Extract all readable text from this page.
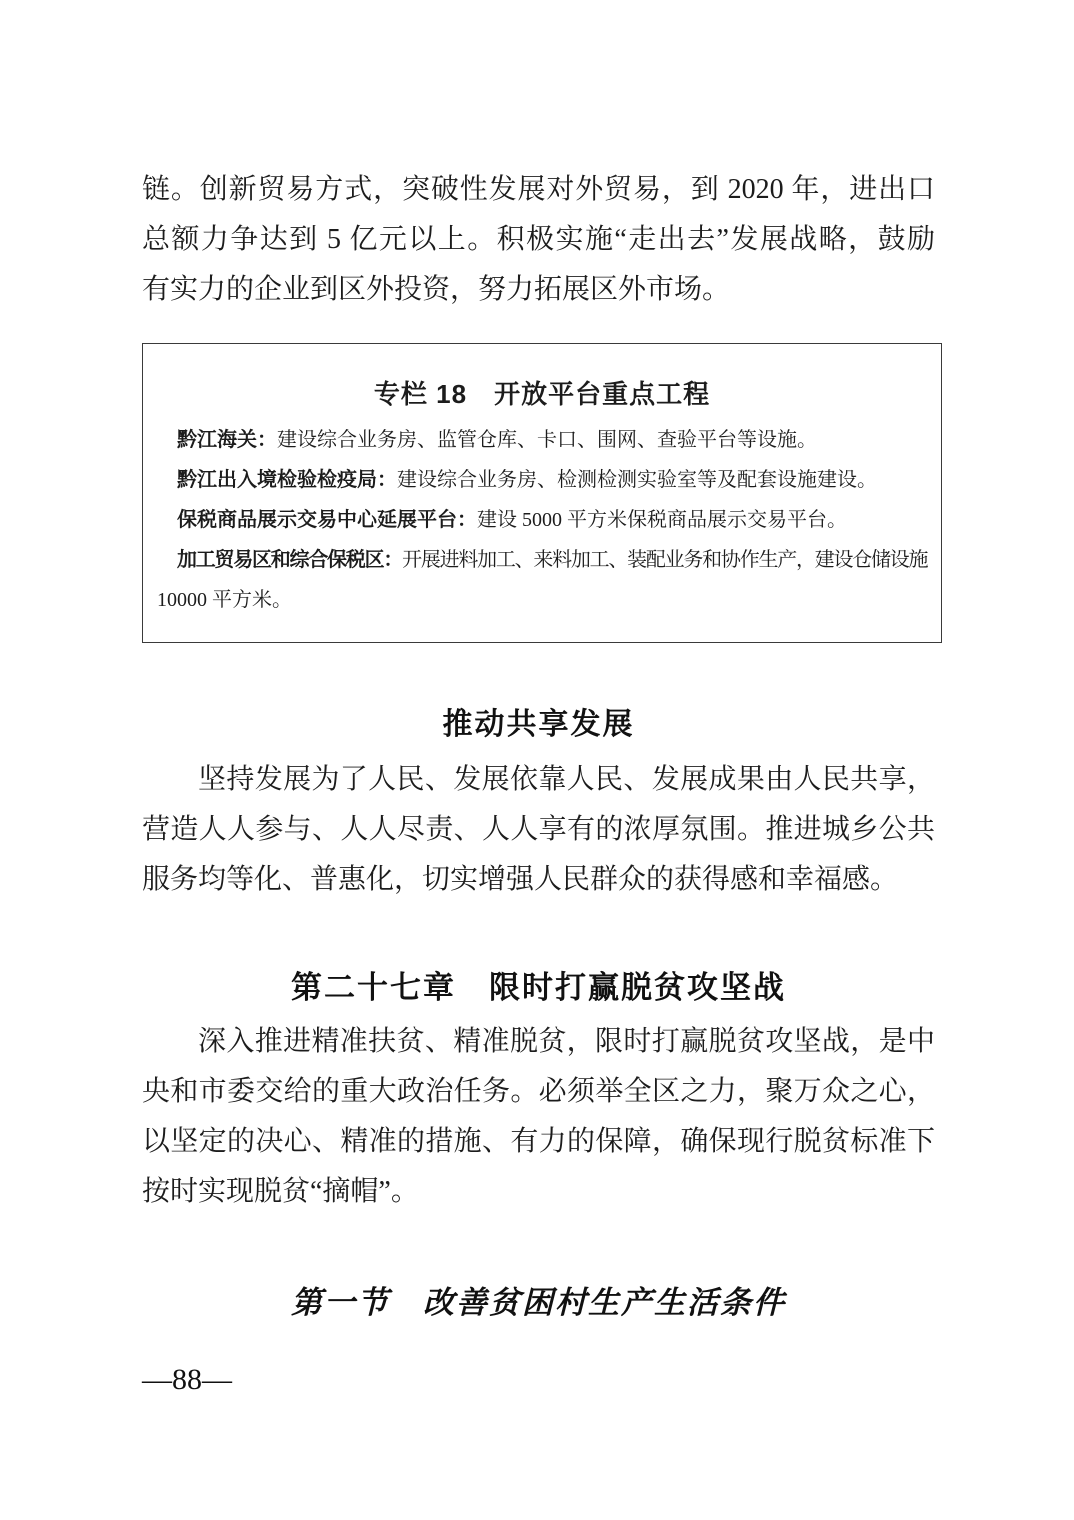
链。创新贸易方式，突破性发展对外贸易，到 2020 年，进出口
总额力争达到 5 亿元以上。积极实施“走出去”发展战略，鼓励
有实力的企业到区外投资，努力拓展区外市场。
专栏 18　开放平台重点工程
黔江海关：建设综合业务房、监管仓库、卡口、围网、查验平台等设施。
黔江出入境检验检疫局：建设综合业务房、检测检测实验室等及配套设施建设。
保税商品展示交易中心延展平台：建设 5000 平方米保税商品展示交易平台。
加工贸易区和综合保税区：开展进料加工、来料加工、装配业务和协作生产，建设仓储设施
10000 平方米。
推动共享发展
坚持发展为了人民、发展依靠人民、发展成果由人民共享，
营造人人参与、人人尽责、人人享有的浓厚氛围。推进城乡公共
服务均等化、普惠化，切实增强人民群众的获得感和幸福感。
第二十七章　限时打赢脱贫攻坚战
深入推进精准扶贫、精准脱贫，限时打赢脱贫攻坚战，是中
央和市委交给的重大政治任务。必须举全区之力，聚万众之心，
以坚定的决心、精准的措施、有力的保障，确保现行脱贫标准下
按时实现脱贫“摘帽”。
第一节　改善贫困村生产生活条件
—88—
